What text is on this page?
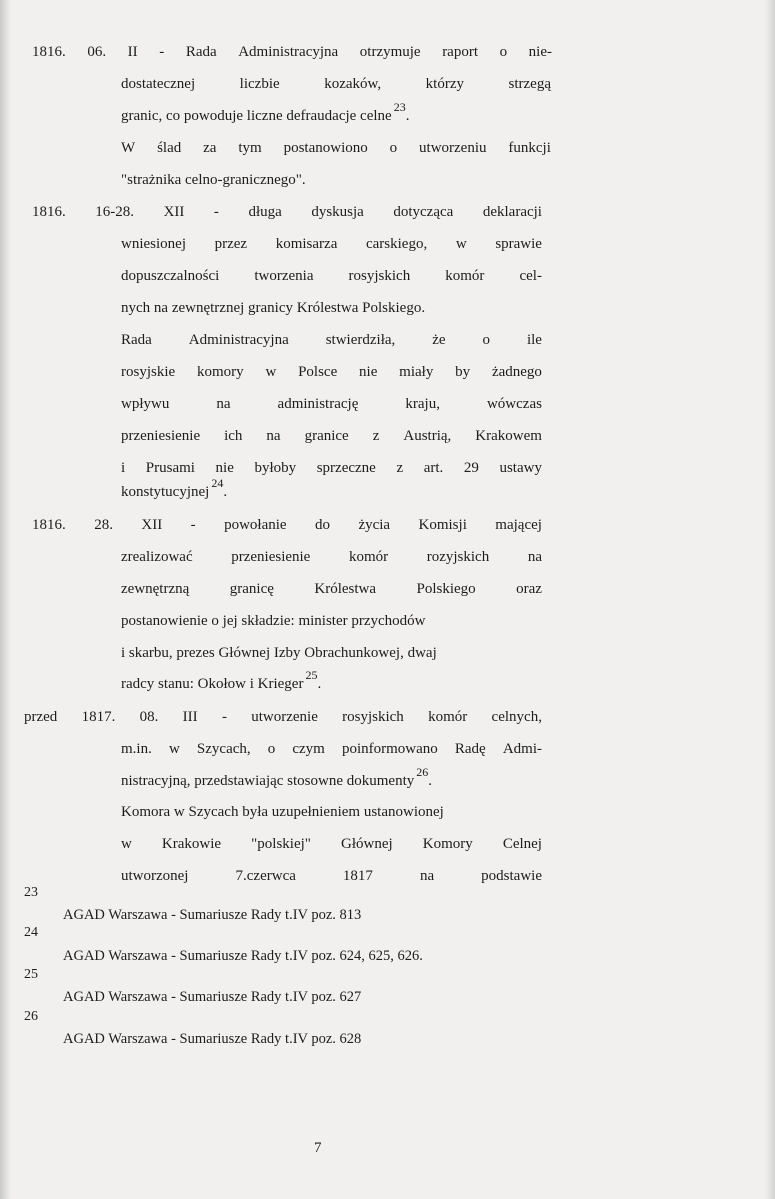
1816. 06. II - Rada Administracyjna otrzymuje raport o nie-

dostatecznej	liczbie	kozaków,	którzy	strzegą

granic, co powoduje liczne defraudacje celne$^{23}$.

W ślad za tym postanowiono o utworzeniu funkcji

"strażnika celno-granicznego".

1816. 16-28. XII - długa dyskusja dotycząca deklaracji

wniesionej przez komisarza carskiego, w sprawie

dopuszczalności tworzenia rosyjskich komór cel-

nych na zewnętrznej granicy Królestwa Polskiego.

Rada Administracyjna stwierdziła, że o ile

rosyjskie komory w Polsce nie miały by żadnego

wpływu	na	administrację	kraju,	wówczas

przeniesienie ich na granice z Austrią, Krakowem

i Prusami nie byłoby sprzeczne z art. 29 ustawy

konstytucyjnej$^{24}$.

1816. 28. XII - powołanie do życia Komisji mającej

zrealizować	przeniesienie	komór	rozyjskich	na

zewnętrzną	granicę	Królestwa	Polskiego	oraz

postanowienie o jej składzie: minister przychodów

i skarbu, prezes Głównej Izby Obrachunkowej, dwaj

radcy stanu: Okołow i Krieger$^{25}$.

przed 1817. 08. III - utworzenie rosyjskich komór celnych,

m.in. w Szycach, o czym poinformowano Radę Admi-

nistracyjną, przedstawiając stosowne dokumenty$^{26}$.

Komora w Szycach była uzupełnieniem ustanowionej

w Krakowie "polskiej" Głównej Komory Celnej

utworzonej	7.czerwca	1817	na	podstawie

23

AGAD Warszawa - Sumariusze Rady t.IV poz. 813

24

AGAD Warszawa - Sumariusze Rady t.IV poz. 624, 625, 626.

25

AGAD Warszawa - Sumariusze Rady t.IV poz. 627

26

AGAD Warszawa - Sumariusze Rady t.IV poz. 628

7
